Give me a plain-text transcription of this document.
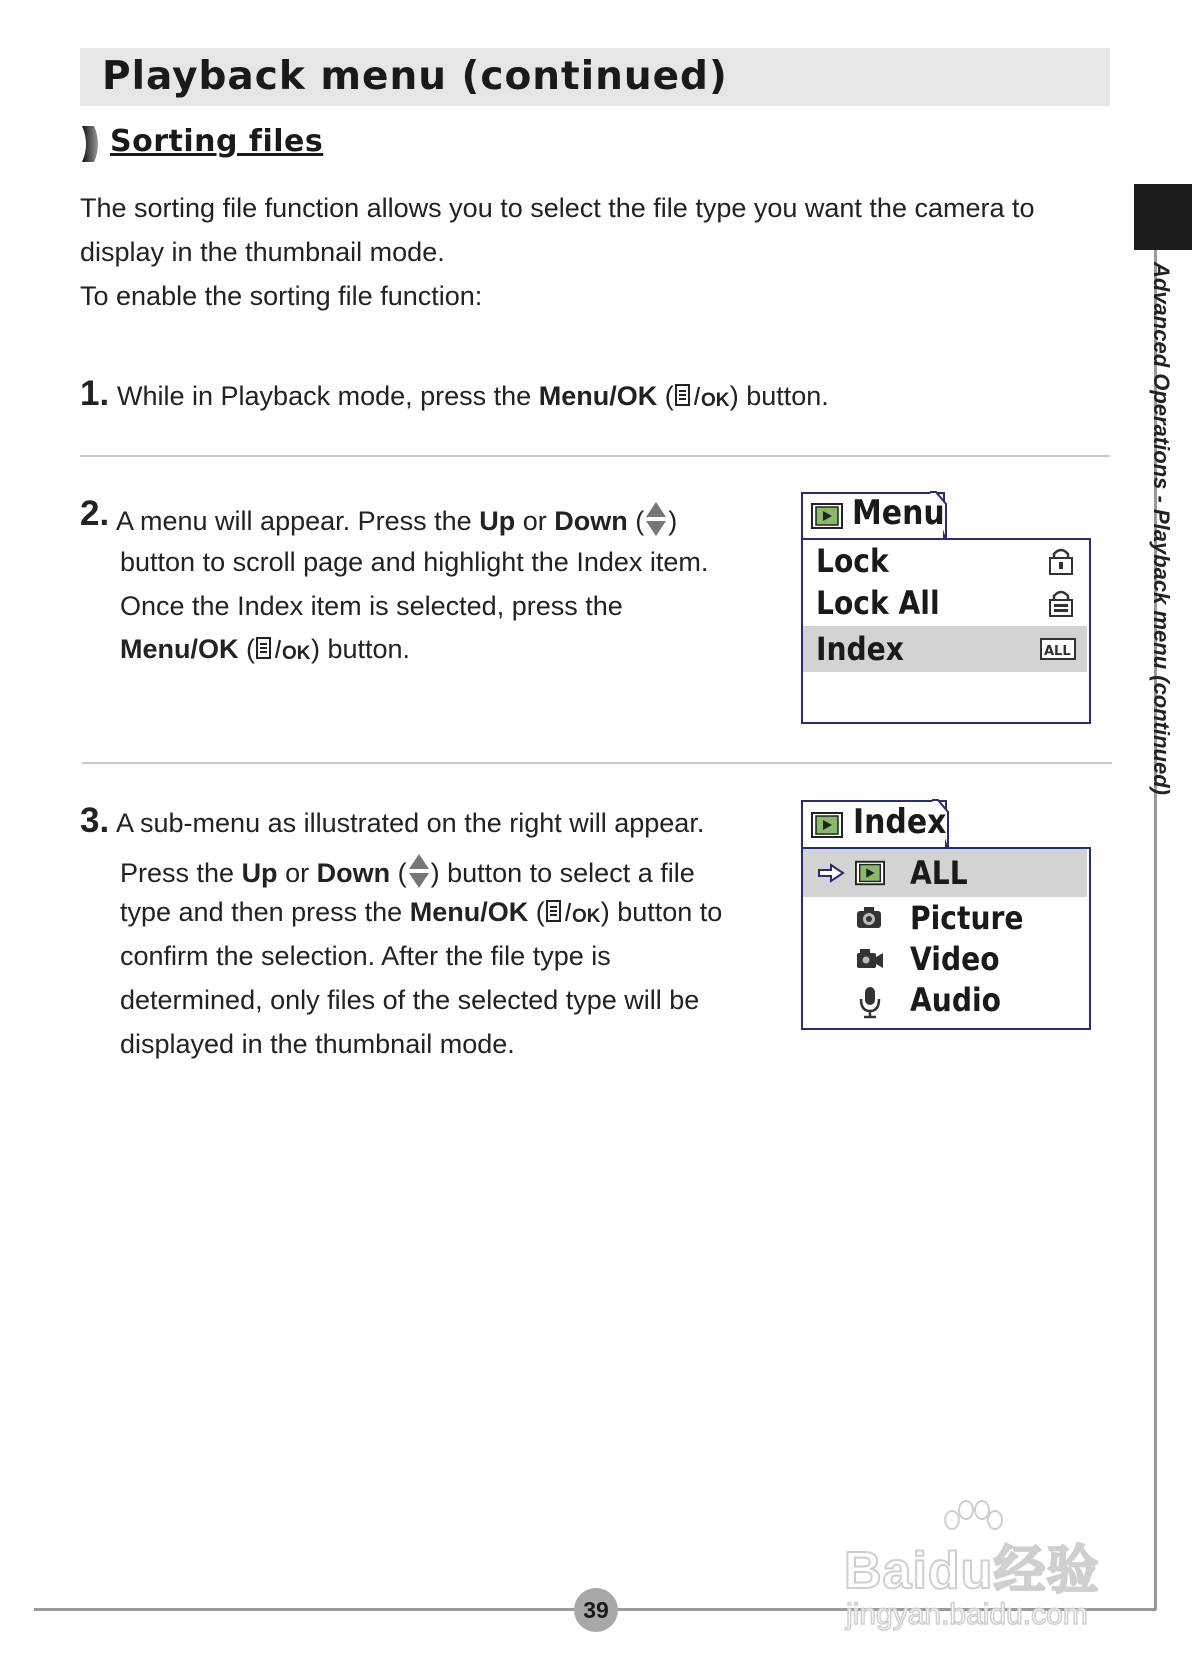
Playback menu (continued)
Sorting files
The sorting file function allows you to select the file type you want the camera to
display in the thumbnail mode.
To enable the sorting file function:
1. While in Playback mode, press the Menu/OK ( OK ) button.
2. A menu will appear. Press the Up or Down ( )
button to scroll page and highlight the Index item.
Once the Index item is selected, press the
Menu/OK ( OK ) button.
Menu
Lock
Lock All
Index	ALL
3. A sub-menu as illustrated on the right will appear.
Press the Up or Down ( ) button to select a file
type and then press the Menu/OK ( OK ) button to
confirm the selection. After the file type is
determined, only files of the selected type will be
displayed in the thumbnail mode.
Index
ALL
Picture
Video
Audio
Advanced Operations - Playback menu (continued)
39
Baidu经验
jingyan.baidu.com
